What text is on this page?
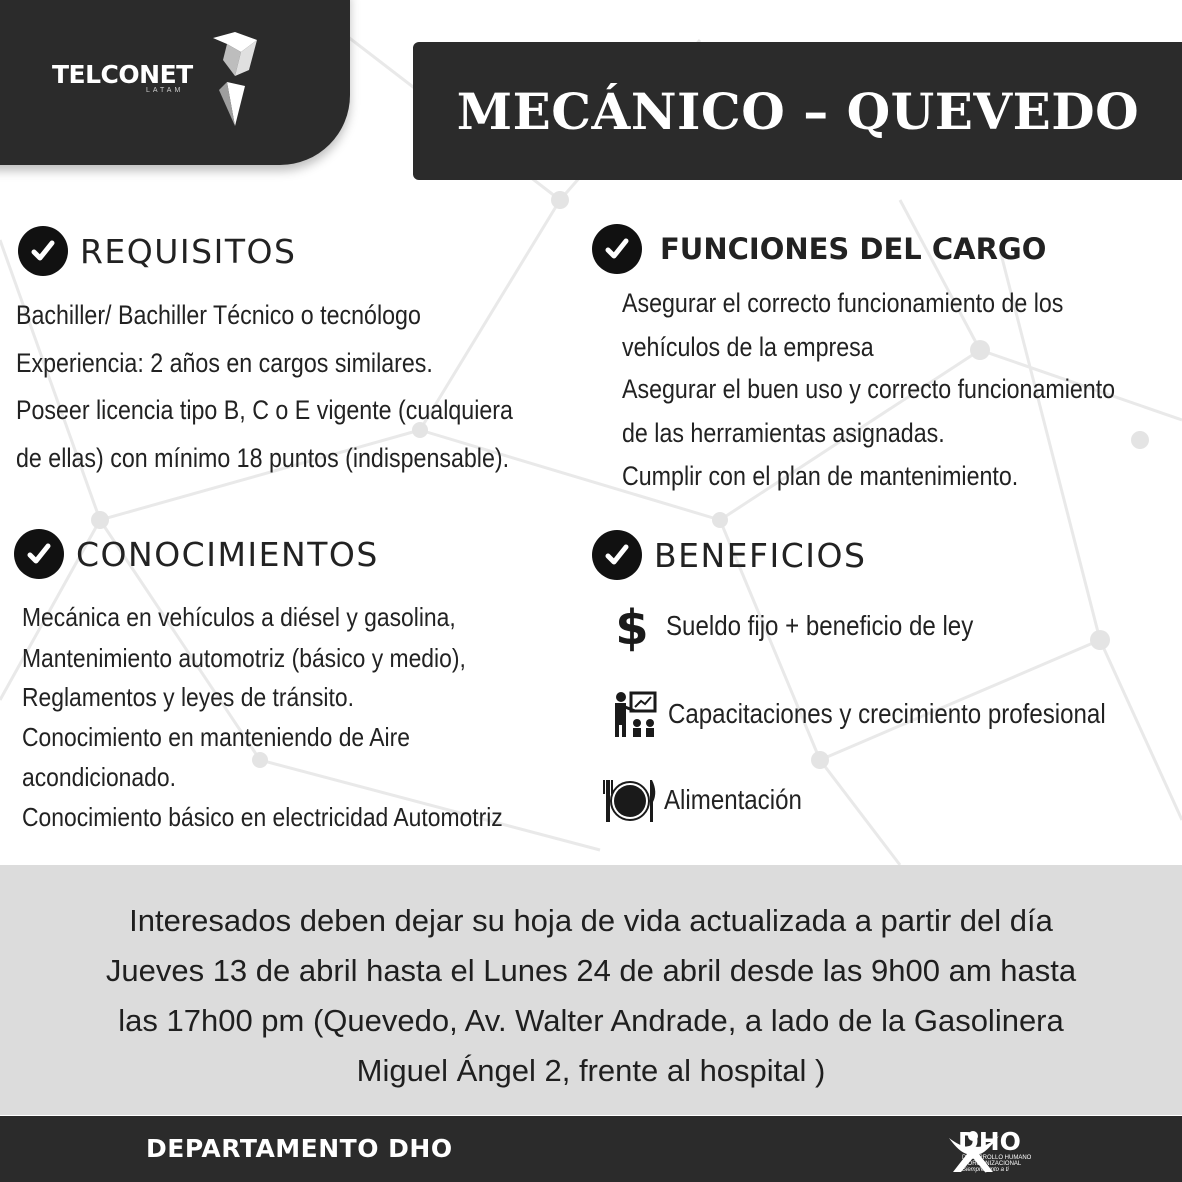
TELCONET
LATAM	MECÁNICO – QUEVEDO
REQUISITOS
Bachiller/ Bachiller Técnico o tecnólogo
Experiencia: 2 años en cargos similares.
Poseer licencia tipo B, C o E vigente (cualquiera
de ellas) con mínimo 18 puntos (indispensable).
FUNCIONES DEL CARGO
Asegurar el correcto funcionamiento de los
vehículos de la empresa
Asegurar el buen uso y correcto funcionamiento
de las herramientas asignadas.
Cumplir con el plan de mantenimiento.
CONOCIMIENTOS
Mecánica en vehículos a diésel y gasolina,
Mantenimiento automotriz (básico y medio),
Reglamentos y leyes de tránsito.
Conocimiento en manteniendo de Aire
acondicionado.
Conocimiento básico en electricidad Automotriz
BENEFICIOS
$ Sueldo fijo + beneficio de ley
Capacitaciones y crecimiento profesional
Alimentación
Interesados deben dejar su hoja de vida actualizada a partir del día
Jueves 13 de abril hasta el Lunes 24 de abril desde las 9h00 am hasta
las 17h00 pm (Quevedo, Av. Walter Andrade, a lado de la Gasolinera
Miguel Ángel 2, frente al hospital )
DEPARTAMENTO DHO	DHO
DESARROLLO HUMANO
Y ORGANIZACIONAL
Siempre junto a ti
